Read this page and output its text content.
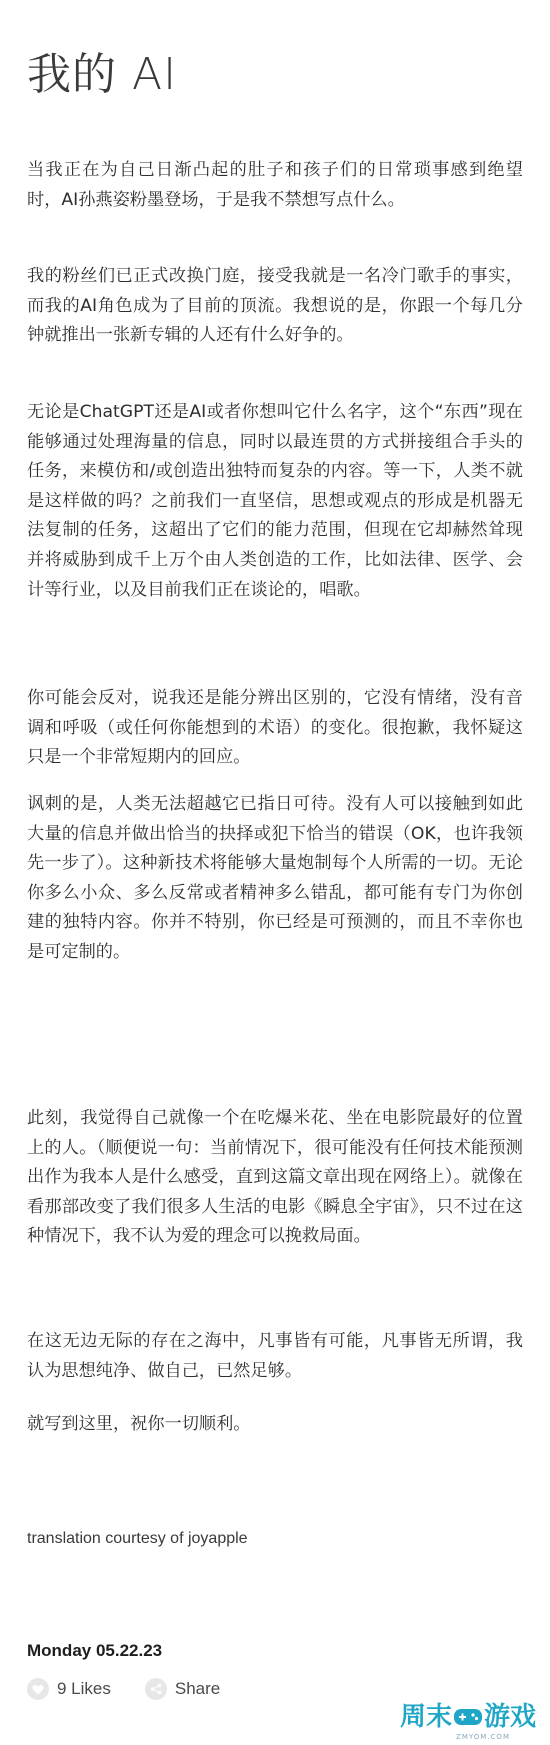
我的 AI

当我正在为自己日渐凸起的肚子和孩子们的日常琐事感到绝望时，AI孙燕姿粉墨登场，于是我不禁想写点什么。

我的粉丝们已正式改换门庭，接受我就是一名冷门歌手的事实，而我的AI角色成为了目前的顶流。我想说的是，你跟一个每几分钟就推出一张新专辑的人还有什么好争的。

无论是ChatGPT还是AI或者你想叫它什么名字，这个“东西”现在能够通过处理海量的信息，同时以最连贯的方式拼接组合手头的任务，来模仿和/或创造出独特而复杂的内容。等一下，人类不就是这样做的吗？之前我们一直坚信，思想或观点的形成是机器无法复制的任务，这超出了它们的能力范围，但现在它却赫然耸现并将威胁到成千上万个由人类创造的工作，比如法律、医学、会计等行业，以及目前我们正在谈论的，唱歌。

你可能会反对，说我还是能分辨出区别的，它没有情绪，没有音调和呼吸（或任何你能想到的术语）的变化。很抱歉，我怀疑这只是一个非常短期内的回应。

讽刺的是，人类无法超越它已指日可待。没有人可以接触到如此大量的信息并做出恰当的抉择或犯下恰当的错误（OK，也许我领先一步了）。这种新技术将能够大量炮制每个人所需的一切。无论你多么小众、多么反常或者精神多么错乱，都可能有专门为你创建的独特内容。你并不特别，你已经是可预测的，而且不幸你也是可定制的。

此刻，我觉得自己就像一个在吃爆米花、坐在电影院最好的位置上的人。（顺便说一句：当前情况下，很可能没有任何技术能预测出作为我本人是什么感受，直到这篇文章出现在网络上）。就像在看那部改变了我们很多人生活的电影《瞬息全宇宙》，只不过在这种情况下，我不认为爱的理念可以挽救局面。

在这无边无际的存在之海中，凡事皆有可能，凡事皆无所谓，我认为思想纯净、做自己，已然足够。

就写到这里，祝你一切顺利。

translation courtesy of joyapple

Monday 05.22.23

9 Likes	Share
周末 游戏
ZMYOM.COM
